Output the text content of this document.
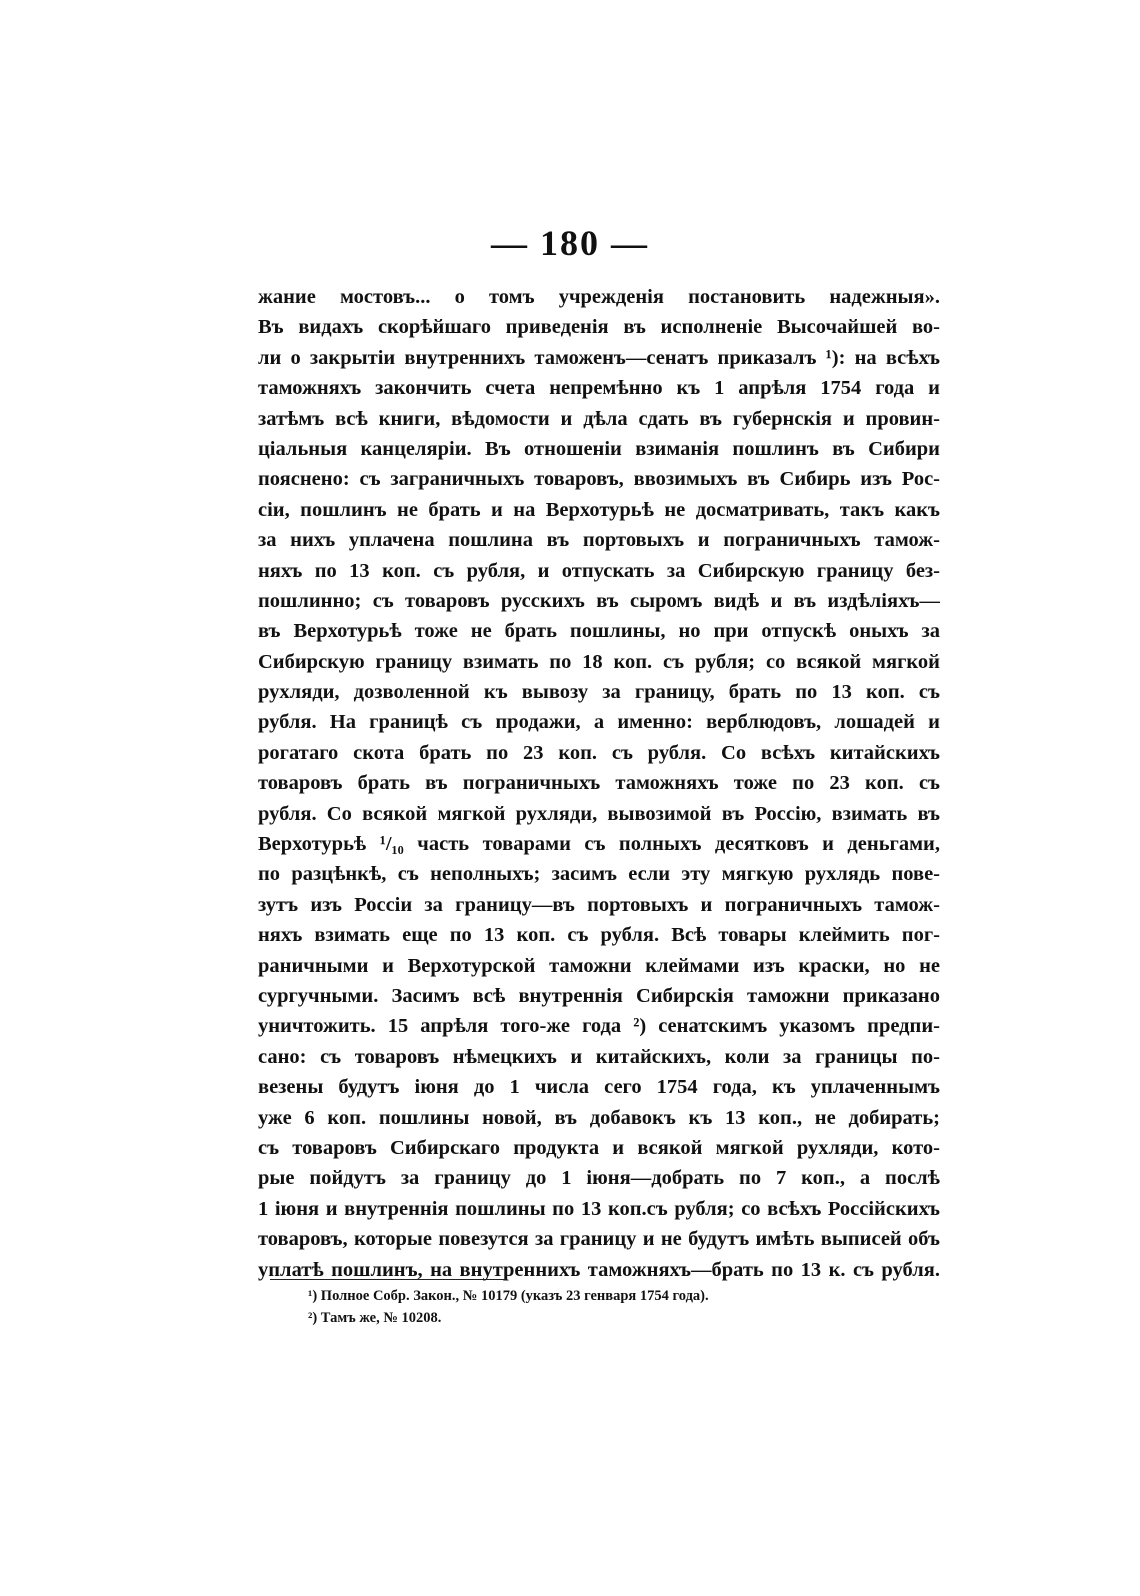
— 180 —
жание мостовъ... о томъ учрежденія постановить надежныя».
Въ видахъ скорѣйшаго приведенія въ исполненіе Высочайшей во-
ли о закрытіи внутреннихъ таможенъ—сенатъ приказалъ ¹): на всѣхъ
таможняхъ закончить счета непремѣнно къ 1 апрѣля 1754 года и
затѣмъ всѣ книги, вѣдомости и дѣла сдать въ губернскія и провин-
ціальныя канцеляріи. Въ отношеніи взиманія пошлинъ въ Сибири
пояснено: съ заграничныхъ товаровъ, ввозимыхъ въ Сибирь изъ Рос-
сіи, пошлинъ не брать и на Верхотурьѣ не досматривать, такъ какъ
за нихъ уплачена пошлина въ портовыхъ и пограничныхъ тамож-
няхъ по 13 коп. съ рубля, и отпускать за Сибирскую границу без-
пошлинно; съ товаровъ русскихъ въ сыромъ видѣ и въ издѣліяхъ—
въ Верхотурьѣ тоже не брать пошлины, но при отпускѣ оныхъ за
Сибирскую границу взимать по 18 коп. съ рубля; со всякой мягкой
рухляди, дозволенной къ вывозу за границу, брать по 13 коп. съ
рубля. На границѣ съ продажи, а именно: верблюдовъ, лошадей и
рогатаго скота брать по 23 коп. съ рубля. Со всѣхъ китайскихъ
товаровъ брать въ пограничныхъ таможняхъ тоже по 23 коп. съ
рубля. Со всякой мягкой рухляди, вывозимой въ Россію, взимать въ
Верхотурьѣ ¹/₁₀ часть товарами съ полныхъ десятковъ и деньгами,
по разцѣнкѣ, съ неполныхъ; засимъ если эту мягкую рухлядь пове-
зутъ изъ Россіи за границу—въ портовыхъ и пограничныхъ тамож-
няхъ взимать еще по 13 коп. съ рубля. Всѣ товары клеймить пог-
раничными и Верхотурской таможни клеймами изъ краски, но не
сургучными. Засимъ всѣ внутреннія Сибирскія таможни приказано
уничтожить. 15 апрѣля того-же года ²) сенатскимъ указомъ предпи-
сано: съ товаровъ нѣмецкихъ и китайскихъ, коли за границы по-
везены будутъ іюня до 1 числа сего 1754 года, къ уплаченнымъ
уже 6 коп. пошлины новой, въ добавокъ къ 13 коп., не добирать;
съ товаровъ Сибирскаго продукта и всякой мягкой рухляди, кото-
рые пойдутъ за границу до 1 іюня—добрать по 7 коп., а послѣ
1 іюня и внутреннія пошлины по 13 коп.съ рубля; со всѣхъ Россійскихъ
товаровъ, которые повезутся за границу и не будутъ имѣть выписей объ
уплатѣ пошлинъ, на внутреннихъ таможняхъ—брать по 13 к. съ рубля.
¹) Полное Собр. Закон., № 10179 (указъ 23 генваря 1754 года).
²) Тамъ же, № 10208.
